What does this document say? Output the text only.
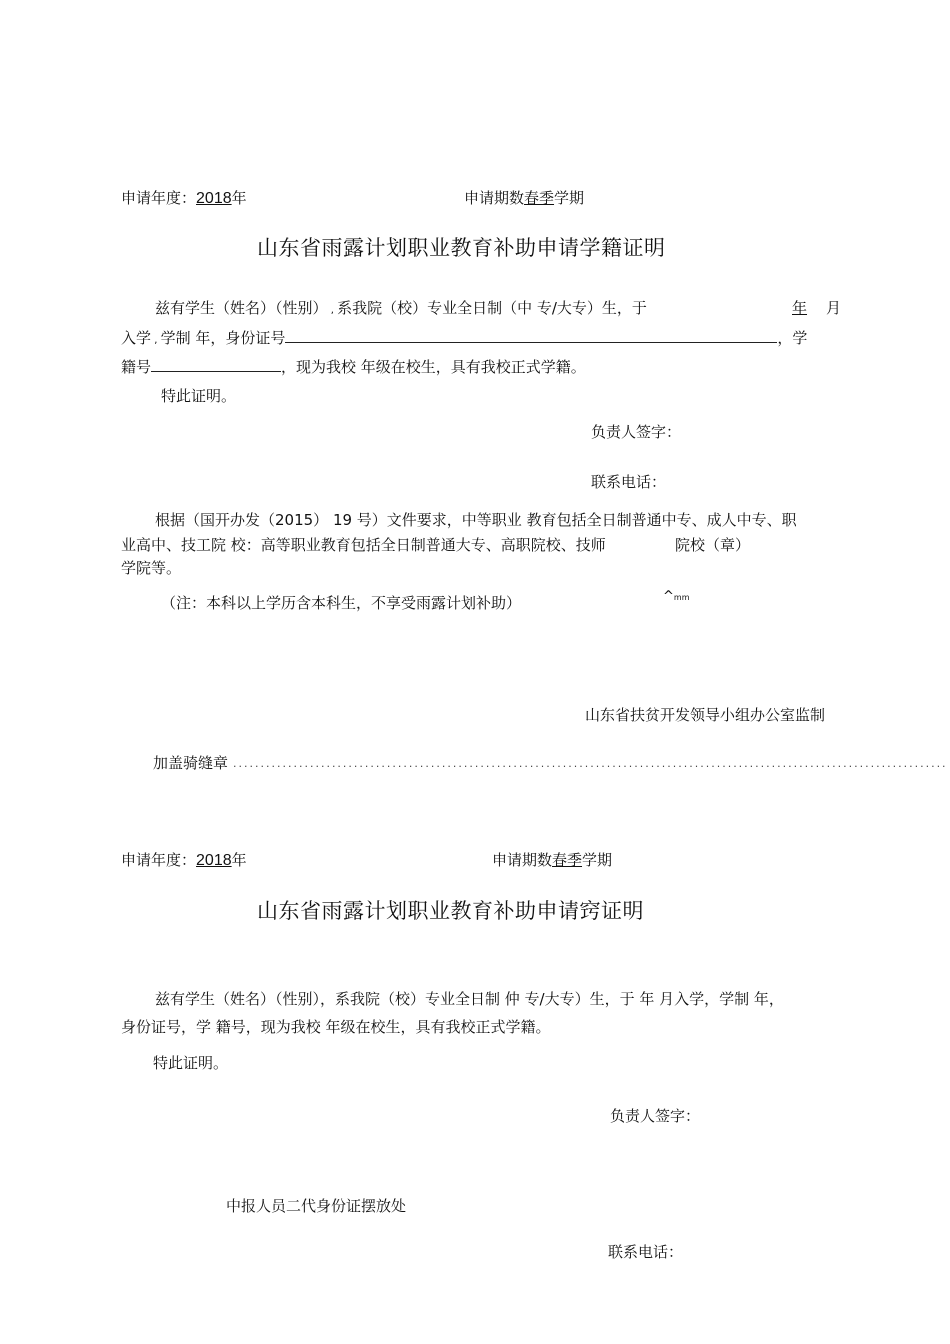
申请年度：2018年	申请期数春季学期
山东省雨露计划职业教育补助申请学籍证明
兹有学生（姓名）（性别） , 系我院（校）专业全日制（中 专/大专）生，于	年 月
入学 , 学制 年，身份证号	，学
籍号	，现为我校 年级在校生，具有我校正式学籍。
特此证明。
负责人签字：
联系电话：
根据（国开办发（2015） 19 号）文件要求，中等职业 教育包括全日制普通中专、成人中专、职
业高中、技工院 校：高等职业教育包括全日制普通大专、高职院校、技师	院校（章）
学院等。
（注：本科以上学历含本科生，不享受雨露计划补助）	^mm
山东省扶贫开发领导小组办公室监制
加盖骑缝章 ..................................................................................................................................
申请年度：2018年	申请期数春季学期
山东省雨露计划职业教育补助申请窍证明
兹有学生（姓名）（性别），系我院（校）专业全日制 仲 专/大专）生，于 年 月入学，学制 年，
身份证号，学 籍号，现为我校 年级在校生，具有我校正式学籍。
特此证明。
负责人签字：
中报人员二代身份证摆放处
联系电话：
